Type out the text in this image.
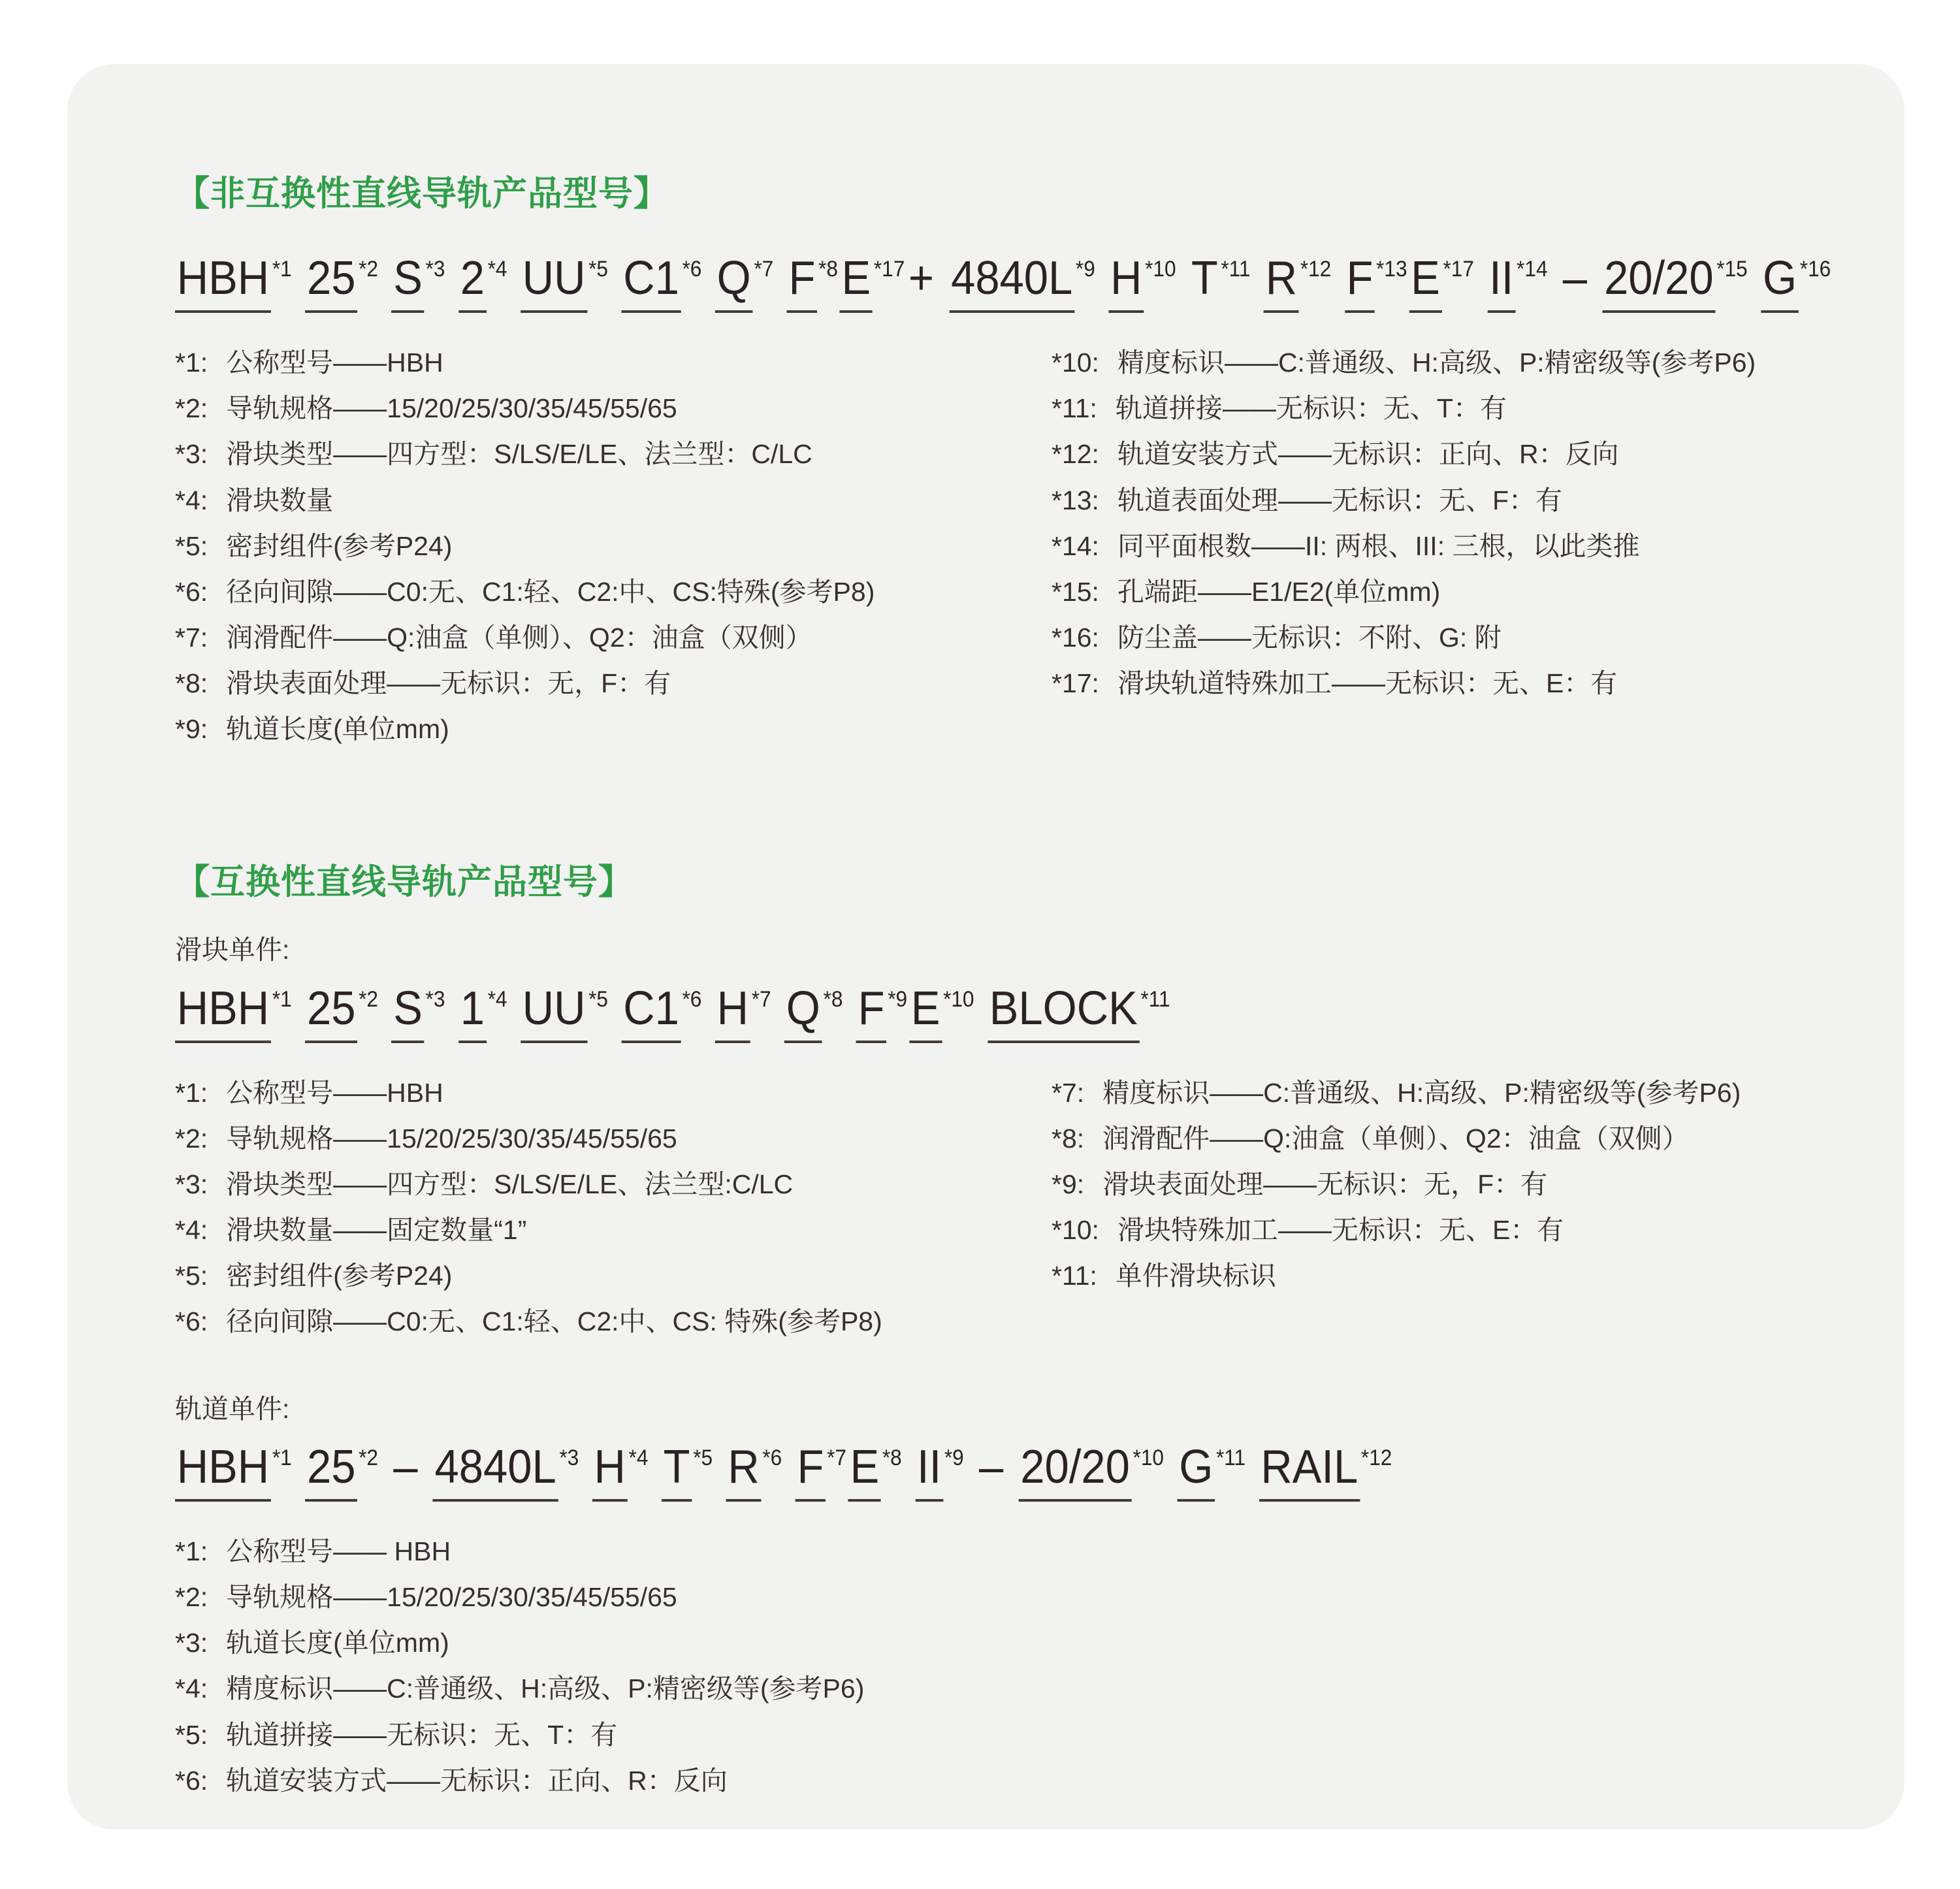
【非互换性直线导轨产品型号】
HBH $^{*1}$ 25 $^{*2}$ S $^{*3}$ 2 $^{*4}$ UU $^{*5}$ C1 $^{*6}$ Q $^{*7}$ F $^{*8}$E $^{*17}$+ 4840L $^{*9}$ H $^{*10}$ T $^{*11}$ R $^{*12}$ F $^{*13}$E $^{*17}$ II $^{*14}$ – 20/20 $^{*15}$ G $^{*16}$
*1: 公称型号——HBH
*2: 导轨规格——15/20/25/30/35/45/55/65
*3: 滑块类型——四方型：S/LS/E/LE、法兰型：C/LC
*4: 滑块数量
*5: 密封组件(参考P24)
*6: 径向间隙——C0:无、C1:轻、C2:中、CS:特殊(参考P8)
*7: 润滑配件——Q:油盒（单侧）、Q2：油盒（双侧）
*8: 滑块表面处理——无标识：无，F：有
*9: 轨道长度(单位mm)
*10: 精度标识——C:普通级、H:高级、P:精密级等(参考P6)
*11: 轨道拼接——无标识：无、T：有
*12: 轨道安装方式——无标识：正向、R：反向
*13: 轨道表面处理——无标识：无、F：有
*14: 同平面根数——II: 两根、III: 三根，以此类推
*15: 孔端距——E1/E2(单位mm)
*16: 防尘盖——无标识：不附、G: 附
*17: 滑块轨道特殊加工——无标识：无、E：有
【互换性直线导轨产品型号】
滑块单件:
HBH $^{*1}$ 25 $^{*2}$ S $^{*3}$ 1 $^{*4}$ UU $^{*5}$ C1 $^{*6}$ H $^{*7}$ Q $^{*8}$ F $^{*9}$E $^{*10}$ BLOCK $^{*11}$
*1: 公称型号——HBH
*2: 导轨规格——15/20/25/30/35/45/55/65
*3: 滑块类型——四方型：S/LS/E/LE、法兰型:C/LC
*4: 滑块数量——固定数量“1”
*5: 密封组件(参考P24)
*6: 径向间隙——C0:无、C1:轻、C2:中、CS: 特殊(参考P8)
*7: 精度标识——C:普通级、H:高级、P:精密级等(参考P6)
*8: 润滑配件——Q:油盒（单侧）、Q2：油盒（双侧）
*9: 滑块表面处理——无标识：无，F：有
*10: 滑块特殊加工——无标识：无、E：有
*11: 单件滑块标识
轨道单件:
HBH $^{*1}$ 25 $^{*2}$ – 4840L $^{*3}$ H $^{*4}$ T $^{*5}$ R $^{*6}$ F $^{*7}$E $^{*8}$ II $^{*9}$ – 20/20 $^{*10}$ G $^{*11}$ RAIL $^{*12}$
*1: 公称型号—— HBH
*2: 导轨规格——15/20/25/30/35/45/55/65
*3: 轨道长度(单位mm)
*4: 精度标识——C:普通级、H:高级、P:精密级等(参考P6)
*5: 轨道拼接——无标识：无、T：有
*6: 轨道安装方式——无标识：正向、R：反向
